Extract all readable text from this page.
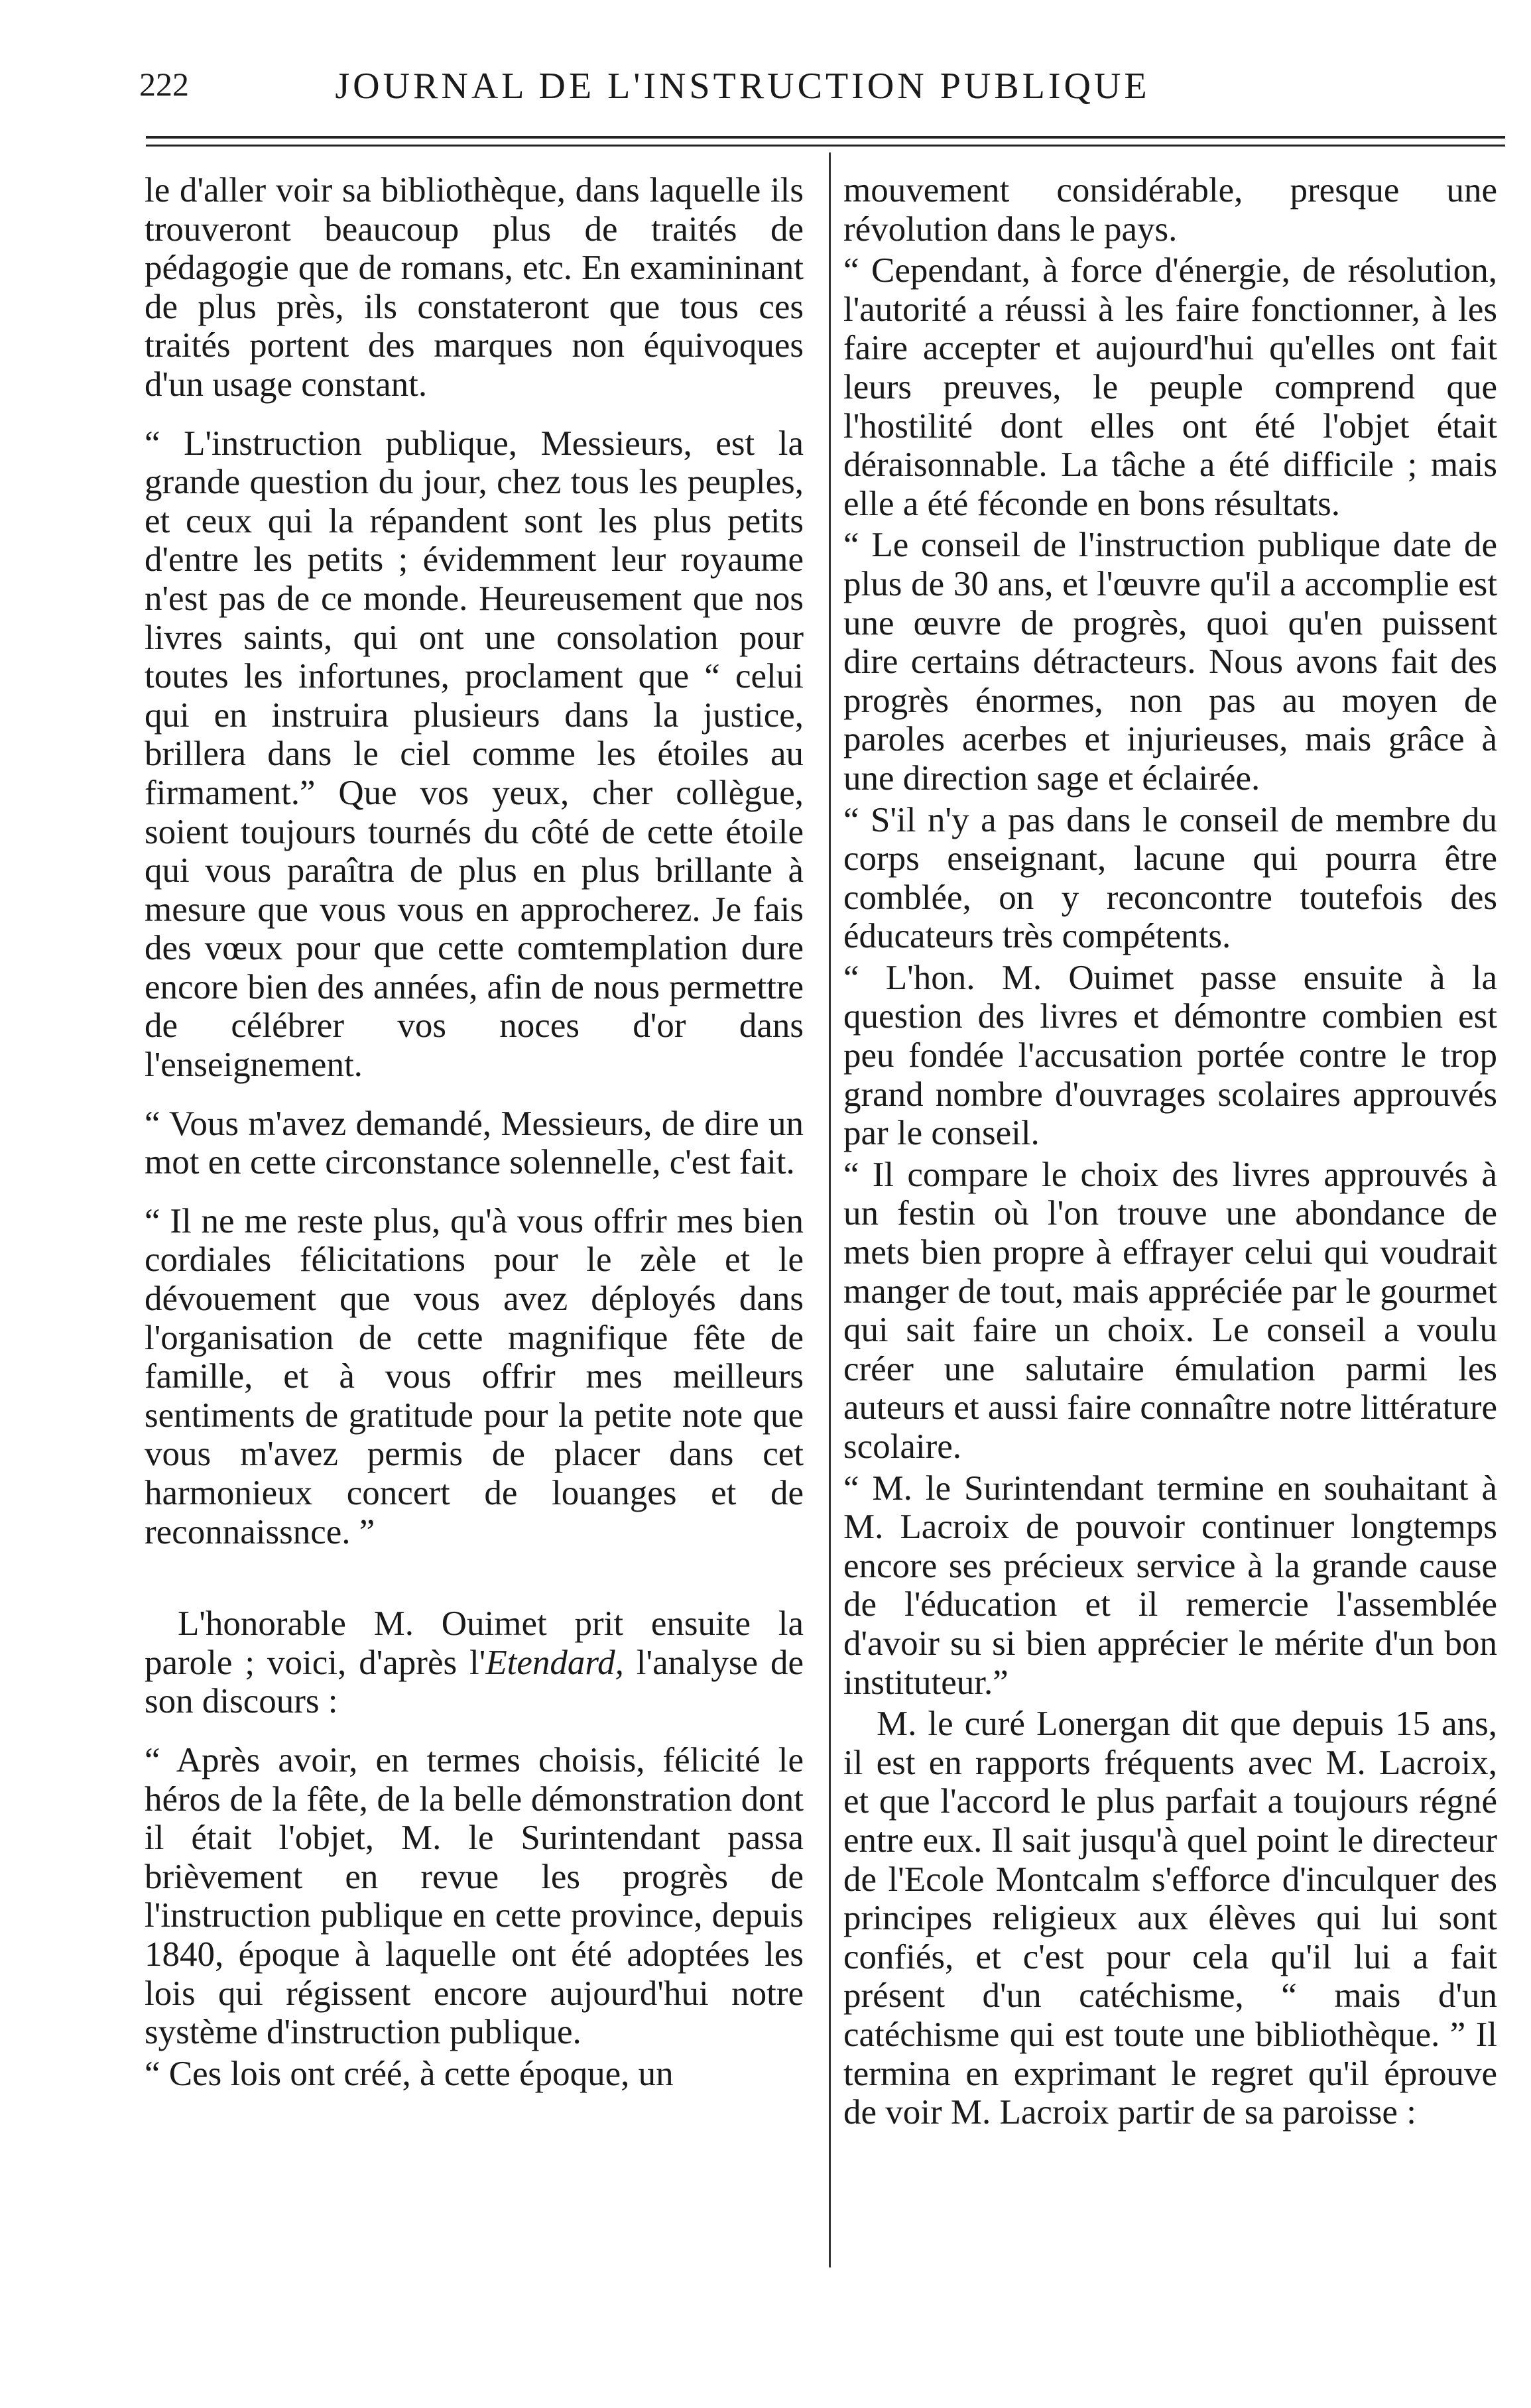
222	JOURNAL DE L'INSTRUCTION PUBLIQUE

le d'aller voir sa bibliothèque, dans laquelle ils trouveront beaucoup plus de traités de pédagogie que de romans, etc. En examininant de plus près, ils constateront que tous ces traités portent des marques non équivoques d'un usage constant.

“ L'instruction publique, Messieurs, est la grande question du jour, chez tous les peuples, et ceux qui la répandent sont les plus petits d'entre les petits ; évidemment leur royaume n'est pas de ce monde. Heureusement que nos livres saints, qui ont une consolation pour toutes les infortunes, proclament que “ celui qui en instruira plusieurs dans la justice, brillera dans le ciel comme les étoiles au firmament.” Que vos yeux, cher collègue, soient toujours tournés du côté de cette étoile qui vous paraîtra de plus en plus brillante à mesure que vous vous en approcherez. Je fais des vœux pour que cette comtemplation dure encore bien des années, afin de nous permettre de célébrer vos noces d'or dans l'enseignement.

“ Vous m'avez demandé, Messieurs, de dire un mot en cette circonstance solennelle, c'est fait.

“ Il ne me reste plus, qu'à vous offrir mes bien cordiales félicitations pour le zèle et le dévouement que vous avez déployés dans l'organisation de cette magnifique fête de famille, et à vous offrir mes meilleurs sentiments de gratitude pour la petite note que vous m'avez permis de placer dans cet harmonieux concert de louanges et de reconnaissnce. ”

L'honorable M. Ouimet prit ensuite la parole ; voici, d'après l'Etendard, l'analyse de son discours :

“ Après avoir, en termes choisis, félicité le héros de la fête, de la belle démonstration dont il était l'objet, M. le Surintendant passa brièvement en revue les progrès de l'instruction publique en cette province, depuis 1840, époque à laquelle ont été adoptées les lois qui régissent encore aujourd'hui notre système d'instruction publique.

“ Ces lois ont créé, à cette époque, un

mouvement considérable, presque une révolution dans le pays.

“ Cependant, à force d'énergie, de résolution, l'autorité a réussi à les faire fonctionner, à les faire accepter et aujourd'hui qu'elles ont fait leurs preuves, le peuple comprend que l'hostilité dont elles ont été l'objet était déraisonnable. La tâche a été difficile ; mais elle a été féconde en bons résultats.

“ Le conseil de l'instruction publique date de plus de 30 ans, et l'œuvre qu'il a accomplie est une œuvre de progrès, quoi qu'en puissent dire certains détracteurs. Nous avons fait des progrès énormes, non pas au moyen de paroles acerbes et injurieuses, mais grâce à une direction sage et éclairée.

“ S'il n'y a pas dans le conseil de membre du corps enseignant, lacune qui pourra être comblée, on y reconcontre toutefois des éducateurs très compétents.

“ L'hon. M. Ouimet passe ensuite à la question des livres et démontre combien est peu fondée l'accusation portée contre le trop grand nombre d'ouvrages scolaires approuvés par le conseil.

“ Il compare le choix des livres approuvés à un festin où l'on trouve une abondance de mets bien propre à effrayer celui qui voudrait manger de tout, mais appréciée par le gourmet qui sait faire un choix. Le conseil a voulu créer une salutaire émulation parmi les auteurs et aussi faire connaître notre littérature scolaire.

“ M. le Surintendant termine en souhaitant à M. Lacroix de pouvoir continuer longtemps encore ses précieux service à la grande cause de l'éducation et il remercie l'assemblée d'avoir su si bien apprécier le mérite d'un bon instituteur.”

M. le curé Lonergan dit que depuis 15 ans, il est en rapports fréquents avec M. Lacroix, et que l'accord le plus parfait a toujours régné entre eux. Il sait jusqu'à quel point le directeur de l'Ecole Montcalm s'efforce d'inculquer des principes religieux aux élèves qui lui sont confiés, et c'est pour cela qu'il lui a fait présent d'un catéchisme, “ mais d'un catéchisme qui est toute une bibliothèque. ” Il termina en exprimant le regret qu'il éprouve de voir M. Lacroix partir de sa paroisse :
